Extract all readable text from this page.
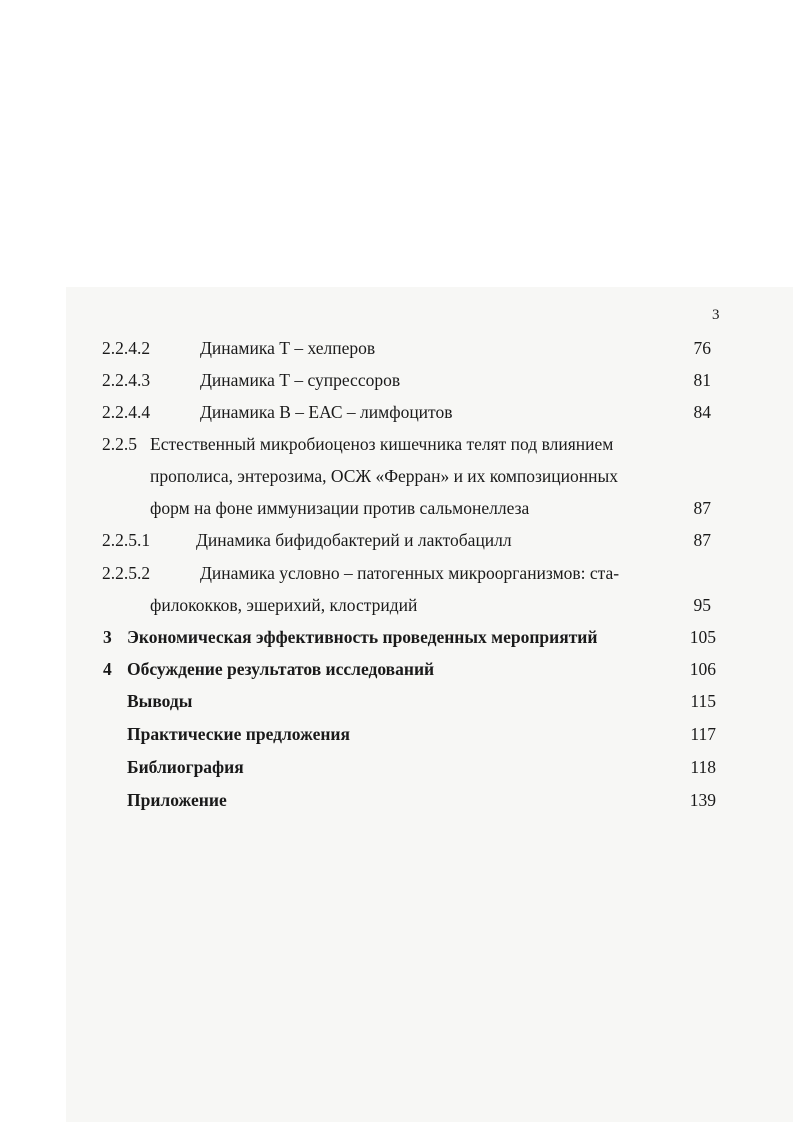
3
2.2.4.2	Динамика Т – хелперов	76
2.2.4.3	Динамика Т – супрессоров	81
2.2.4.4	Динамика В – ЕАС – лимфоцитов	84
2.2.5 Естественный микробиоценоз кишечника телят под влиянием
прополиса, энтерозима, ОСЖ «Ферран» и их композиционных
форм на фоне иммунизации против сальмонеллеза	87
2.2.5.1	Динамика бифидобактерий и лактобацилл	87
2.2.5.2	Динамика условно – патогенных микроорганизмов: ста-
филококков, эшерихий, клостридий	95
3 Экономическая эффективность проведенных мероприятий	105
4 Обсуждение результатов исследований	106
Выводы	115
Практические предложения	117
Библиография	118
Приложение	139
